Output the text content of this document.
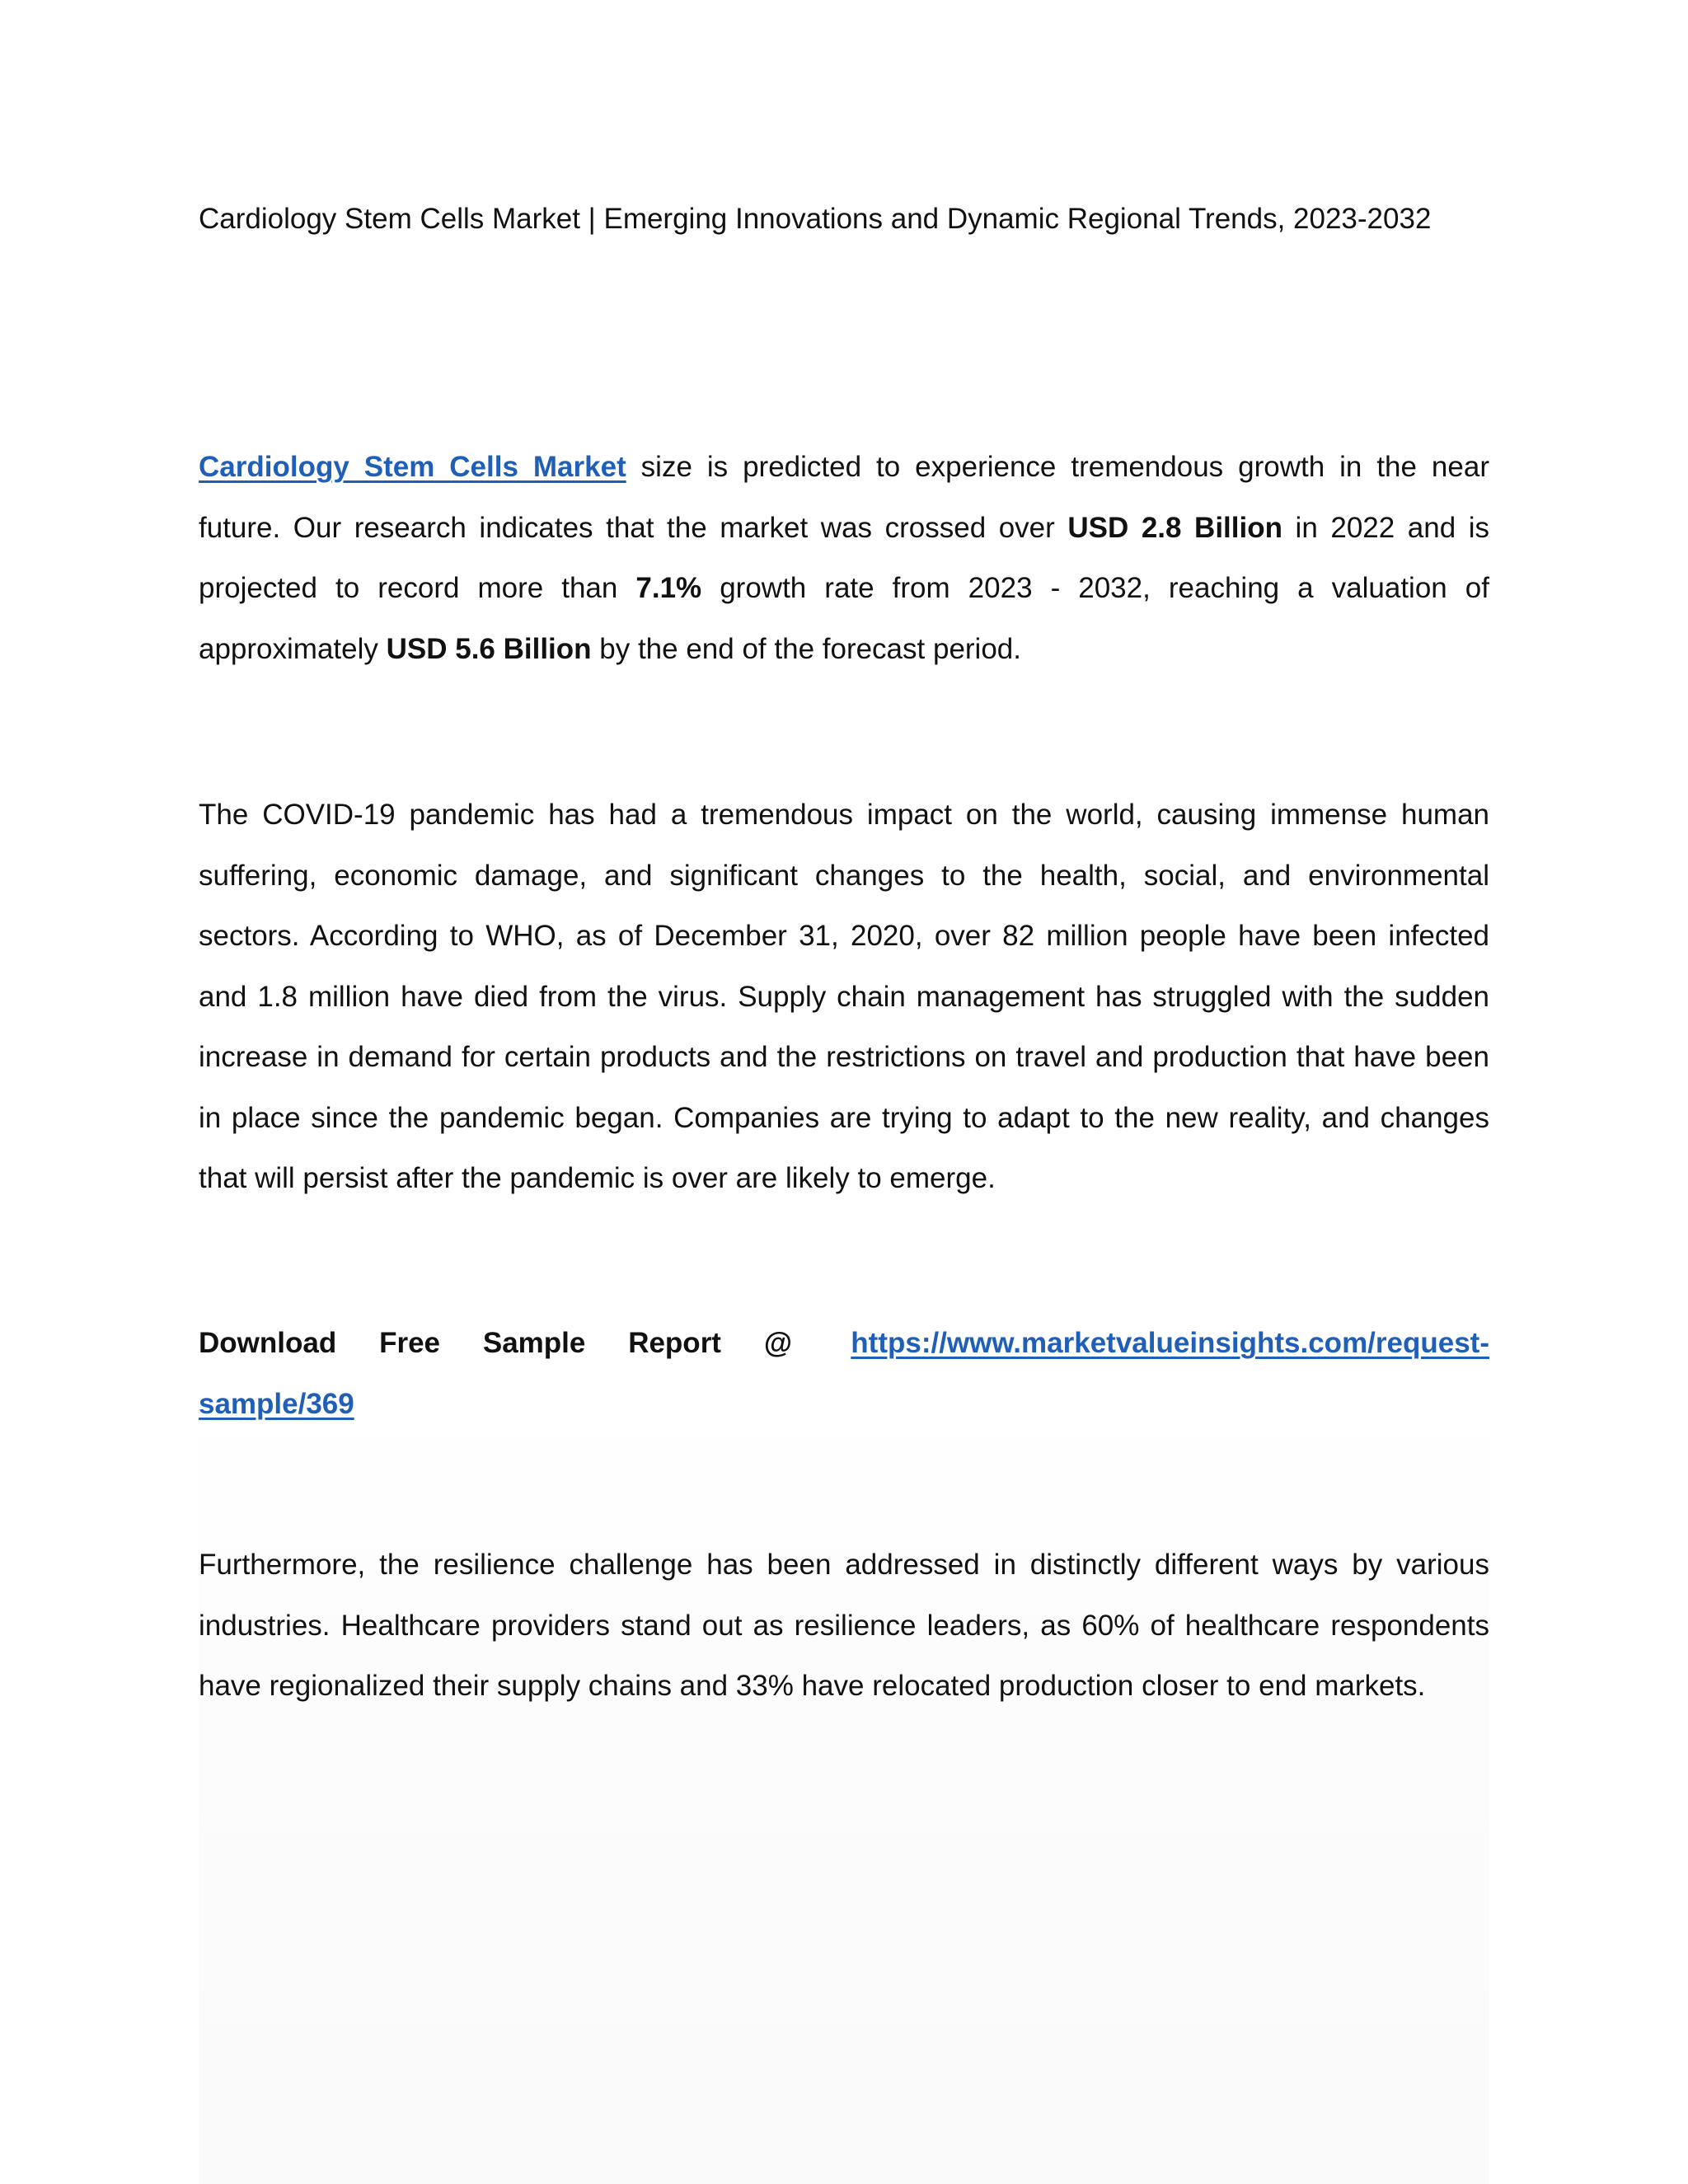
Cardiology Stem Cells Market | Emerging Innovations and Dynamic Regional Trends, 2023-2032
Cardiology Stem Cells Market size is predicted to experience tremendous growth in the near future. Our research indicates that the market was crossed over USD 2.8 Billion in 2022 and is projected to record more than 7.1% growth rate from 2023 - 2032, reaching a valuation of approximately USD 5.6 Billion by the end of the forecast period.
The COVID-19 pandemic has had a tremendous impact on the world, causing immense human suffering, economic damage, and significant changes to the health, social, and environmental sectors. According to WHO, as of December 31, 2020, over 82 million people have been infected and 1.8 million have died from the virus. Supply chain management has struggled with the sudden increase in demand for certain products and the restrictions on travel and production that have been in place since the pandemic began. Companies are trying to adapt to the new reality, and changes that will persist after the pandemic is over are likely to emerge.
Download Free Sample Report @ https://www.marketvalueinsights.com/request-
sample/369
Furthermore, the resilience challenge has been addressed in distinctly different ways by various industries. Healthcare providers stand out as resilience leaders, as 60% of healthcare respondents have regionalized their supply chains and 33% have relocated production closer to end markets.
